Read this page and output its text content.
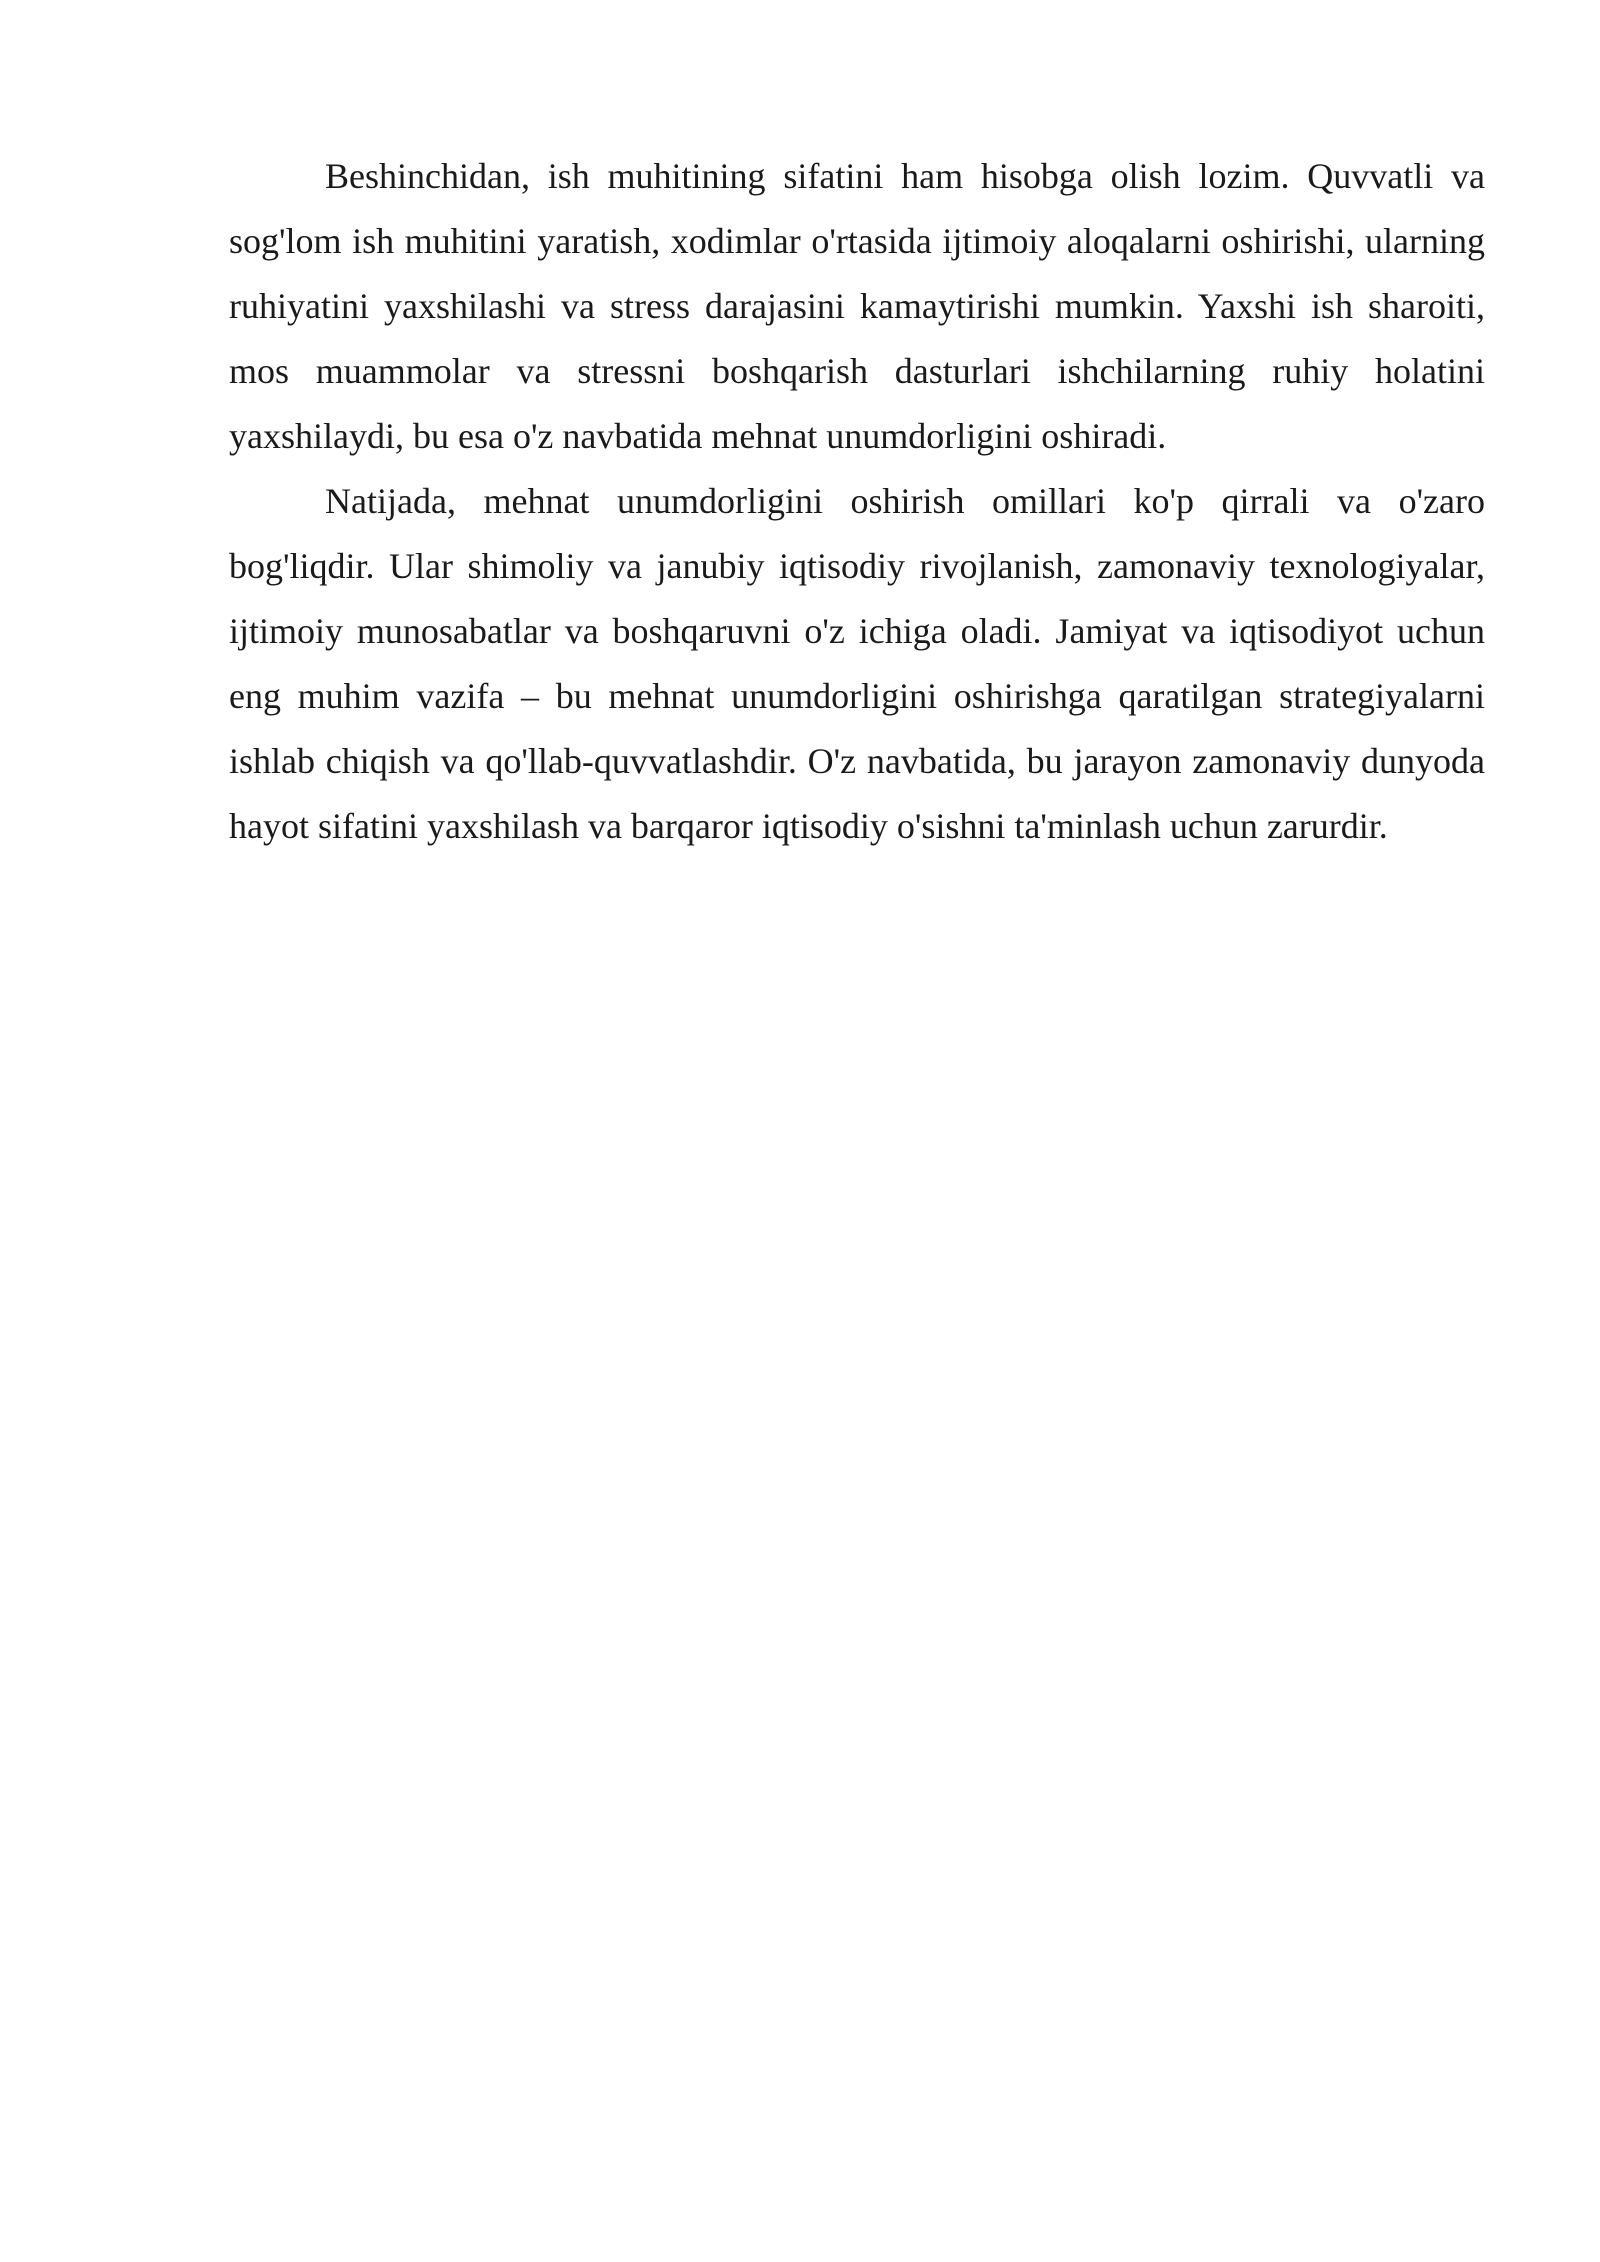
Beshinchidan, ish muhitining sifatini ham hisobga olish lozim. Quvvatli va sog'lom ish muhitini yaratish, xodimlar o'rtasida ijtimoiy aloqalarni oshirishi, ularning ruhiyatini yaxshilashi va stress darajasini kamaytirishi mumkin. Yaxshi ish sharoiti, mos muammolar va stressni boshqarish dasturlari ishchilarning ruhiy holatini yaxshilaydi, bu esa o'z navbatida mehnat unumdorligini oshiradi.

Natijada, mehnat unumdorligini oshirish omillari ko'p qirrali va o'zaro bog'liqdir. Ular shimoliy va janubiy iqtisodiy rivojlanish, zamonaviy texnologiyalar, ijtimoiy munosabatlar va boshqaruvni o'z ichiga oladi. Jamiyat va iqtisodiyot uchun eng muhim vazifa – bu mehnat unumdorligini oshirishga qaratilgan strategiyalarni ishlab chiqish va qo'llab-quvvatlashdir. O'z navbatida, bu jarayon zamonaviy dunyoda hayot sifatini yaxshilash va barqaror iqtisodiy o'sishni ta'minlash uchun zarurdir.
